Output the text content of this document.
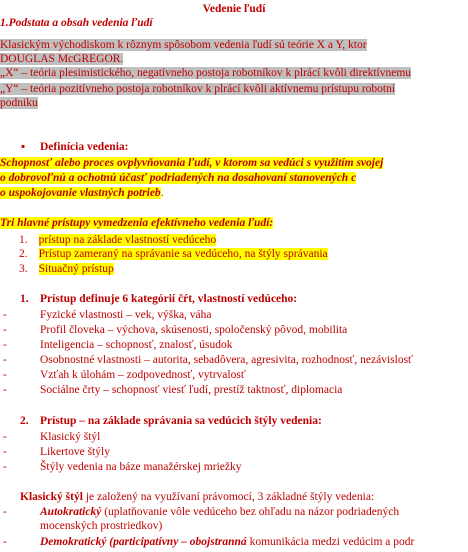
Vedenie ľudí
1.Podstata a obsah vedenia ľudí
Klasickým východiskom k rôznym spôsobom vedenia ľudí sú teórie X a Y, ktor
DOUGLAS McGREGOR.
„X“ – teória plesimistického, negatívneho postoja robotníkov k plrácí kvôli direktívnemu
„Y“ – teória pozitívneho postoja robotníkov k plrácí kvôli aktívnemu prístupu robotní
podniku
▪ Definícia vedenia:
Schopnosť alebo proces ovplyvňovania ľudí, v ktorom sa vedúci s využitím svojej
o dobrovoľnú a ochotnú účasť podriadených na dosahovaní stanovených c
o uspokojovanie vlastných potrieb.
Tri hlavné prístupy vymedzenia efektívneho vedenia ľudí:
1. prístup na základe vlastností vedúceho
2. Prístup zameraný na správanie sa vedúceho, na štýly správania
3. Situačný prístup
1. Prístup definuje 6 kategórií čŕt, vlastností vedúceho:
-	Fyzické vlastnosti – vek, výška, váha
-	Profil človeka – výchova, skúsenosti, spoločenský pôvod, mobilita
-	Inteligencia – schopnosť, znalosť, úsudok
-	Osobnostné vlastnosti – autorita, sebadôvera, agresivita, rozhodnosť, nezávislosť
-	Vzťah k úlohám – zodpovednosť, vytrvalosť
-	Sociálne črty – schopnosť viesť ľudí, prestíž taktnosť, diplomacia
2. Prístup – na základe správania sa vedúcich štýly vedenia:
-	Klasický štýl
-	Likertove štýly
-	Štýly vedenia na báze manažérskej mriežky
Klasický štýl je založený na využívaní právomocí, 3 základné štýly vedenia:
-	Autokratický (uplatňovanie vôle vedúceho bez ohľadu na názor podriadených
mocenských prostriedkov)
-	Demokratický (participatívny – obojstranná komunikácia medzi vedúcim a podr
